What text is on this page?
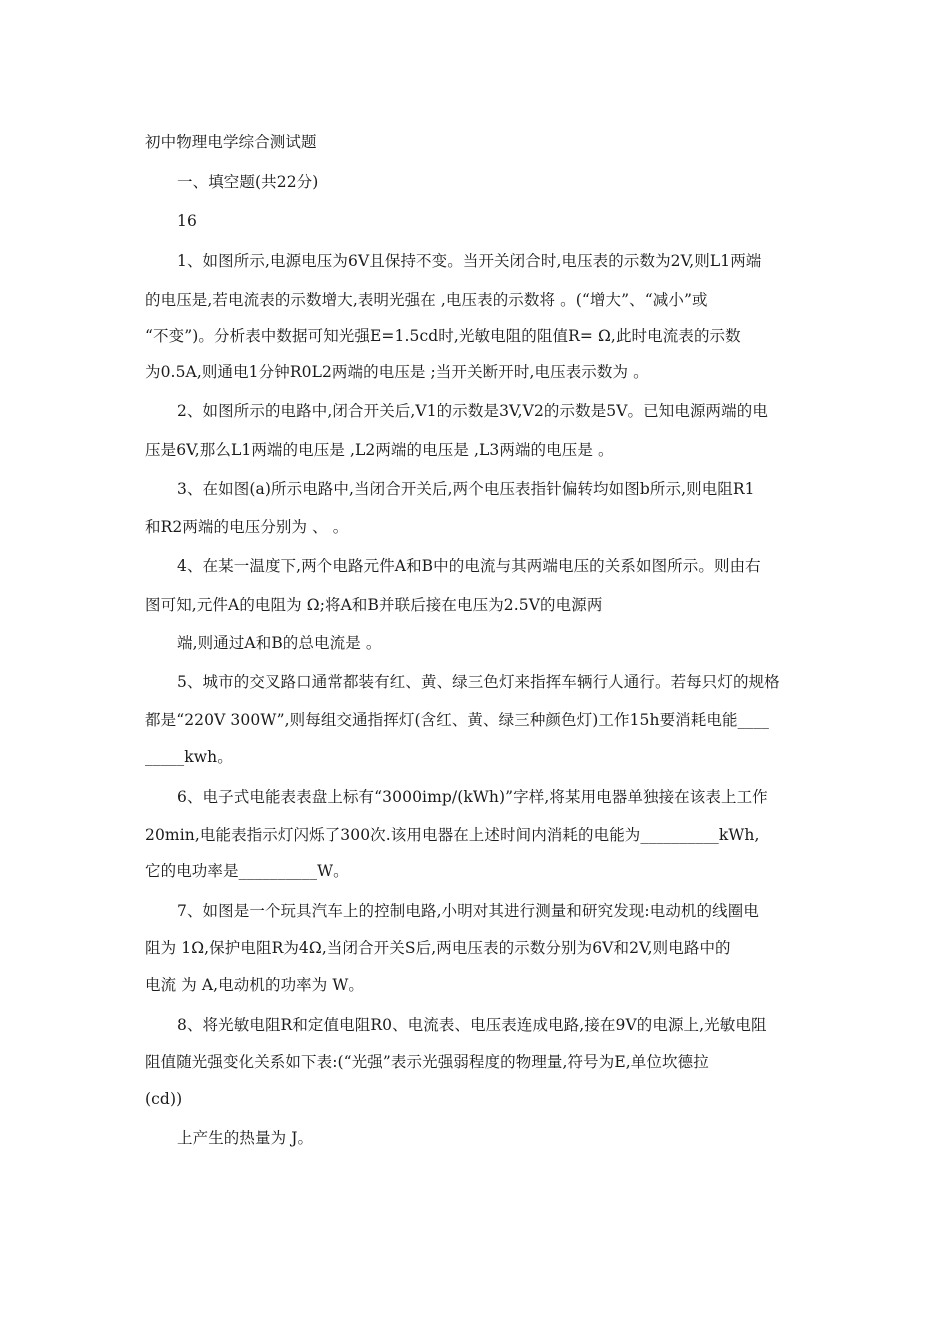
初中物理电学综合测试题
一、填空题(共22分)
16
1、如图所示,电源电压为6V且保持不变。当开关闭合时,电压表的示数为2V,则L1两端
的电压是,若电流表的示数增大,表明光强在 ,电压表的示数将 。(“增大”、“减小”或
“不变”)。分析表中数据可知光强E=1.5cd时,光敏电阻的阻值R= Ω,此时电流表的示数
为0.5A,则通电1分钟R0L2两端的电压是 ;当开关断开时,电压表示数为 。
2、如图所示的电路中,闭合开关后,V1的示数是3V,V2的示数是5V。已知电源两端的电
压是6V,那么L1两端的电压是 ,L2两端的电压是 ,L3两端的电压是 。
3、在如图(a)所示电路中,当闭合开关后,两个电压表指针偏转均如图b所示,则电阻R1
和R2两端的电压分别为 、 。
4、在某一温度下,两个电路元件A和B中的电流与其两端电压的关系如图所示。则由右
图可知,元件A的电阻为 Ω;将A和B并联后接在电压为2.5V的电源两
端,则通过A和B的总电流是 。
5、城市的交叉路口通常都装有红、黄、绿三色灯来指挥车辆行人通行。若每只灯的规格
都是“220V 300W”,则每组交通指挥灯(含红、黄、绿三种颜色灯)工作15h要消耗电能____
_____kwh。
6、电子式电能表表盘上标有“3000imp/(kWh)”字样,将某用电器单独接在该表上工作
20min,电能表指示灯闪烁了300次.该用电器在上述时间内消耗的电能为__________kWh,
它的电功率是__________W。
7、如图是一个玩具汽车上的控制电路,小明对其进行测量和研究发现:电动机的线圈电
阻为 1Ω,保护电阻R为4Ω,当闭合开关S后,两电压表的示数分别为6V和2V,则电路中的
电流 为 A,电动机的功率为 W。
8、将光敏电阻R和定值电阻R0、电流表、电压表连成电路,接在9V的电源上,光敏电阻
阻值随光强变化关系如下表:(“光强”表示光强弱程度的物理量,符号为E,单位坎德拉
(cd))
上产生的热量为 J。
